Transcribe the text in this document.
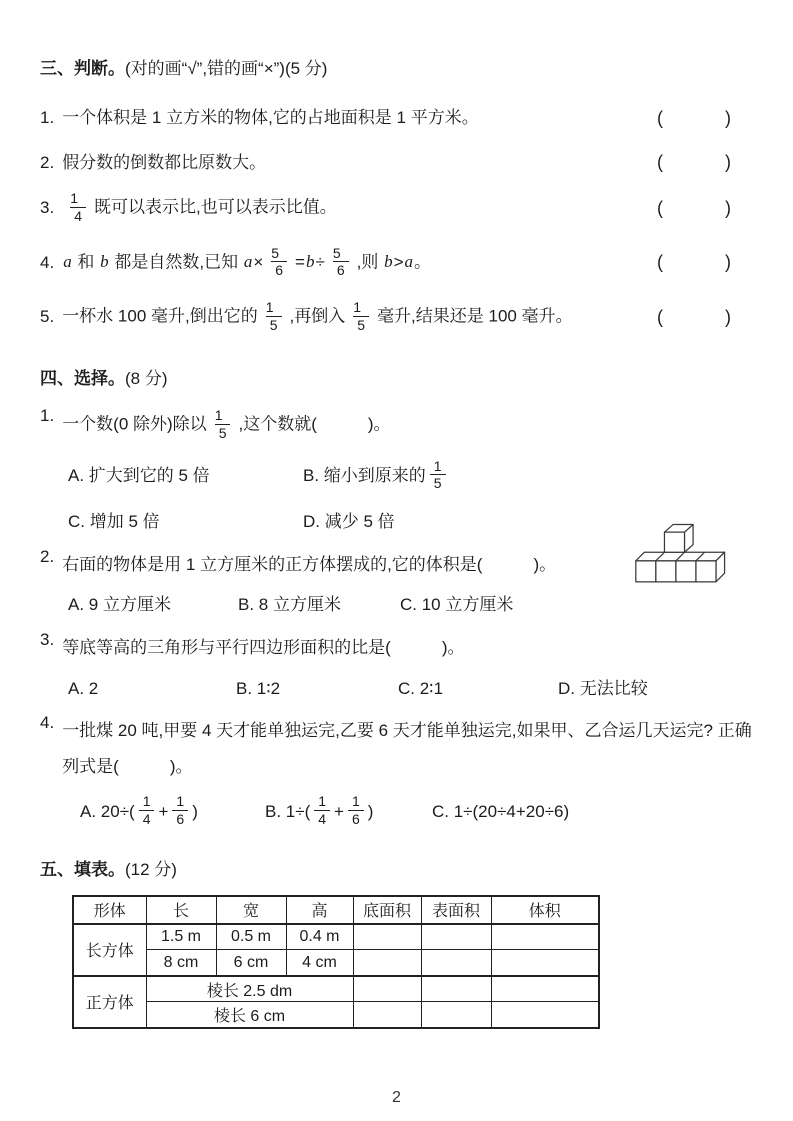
三、判断。(对的画“√”,错的画“×”)(5 分)
1. 一个体积是 1 立方米的物体,它的占地面积是 1 平方米。	(	)
2. 假分数的倒数都比原数大。	(	)
3. $\frac{1}{4}$ 既可以表示比,也可以表示比值。	(	)
4. a 和 b 都是自然数,已知 $a\times \frac{5}{6} =b\div \frac{5}{6}$ ,则 b>a。	(	)
5. 一杯水 100 毫升,倒出它的 $\frac{1}{5}$ ,再倒入 $\frac{1}{5}$ 毫升,结果还是 100 毫升。	(	)
四、选择。(8 分)
1. 一个数(0 除外)除以 $\frac{1}{5}$ ,这个数就(　　　)。
A. 扩大到它的 5 倍	B. 缩小到原来的 $\frac{1}{5}$
C. 增加 5 倍	D. 减少 5 倍
2. 右面的物体是用 1 立方厘米的正方体摆成的,它的体积是(　　　)。
A. 9 立方厘米	B. 8 立方厘米	C. 10 立方厘米
3. 等底等高的三角形与平行四边形面积的比是(　　　)。
A. 2	B. 1∶2	C. 2∶1	D. 无法比较
4. 一批煤 20 吨,甲要 4 天才能单独运完,乙要 6 天才能单独运完,如果甲、乙合运几天运完? 正确列式是(　　　)。
A. $20\div( \frac{1}{4} + \frac{1}{6}$ )	B. $1\div( \frac{1}{4} + \frac{1}{6}$ )	C. 1÷(20÷4+20÷6)
五、填表。(12 分)
形体	长	宽	高	底面积	表面积	体积
长方体	1.5 m	0.5 m	0.4 m			
	8 cm	6 cm	4 cm			
正方体	棱长 2.5 dm					
	棱长 6 cm					
2
